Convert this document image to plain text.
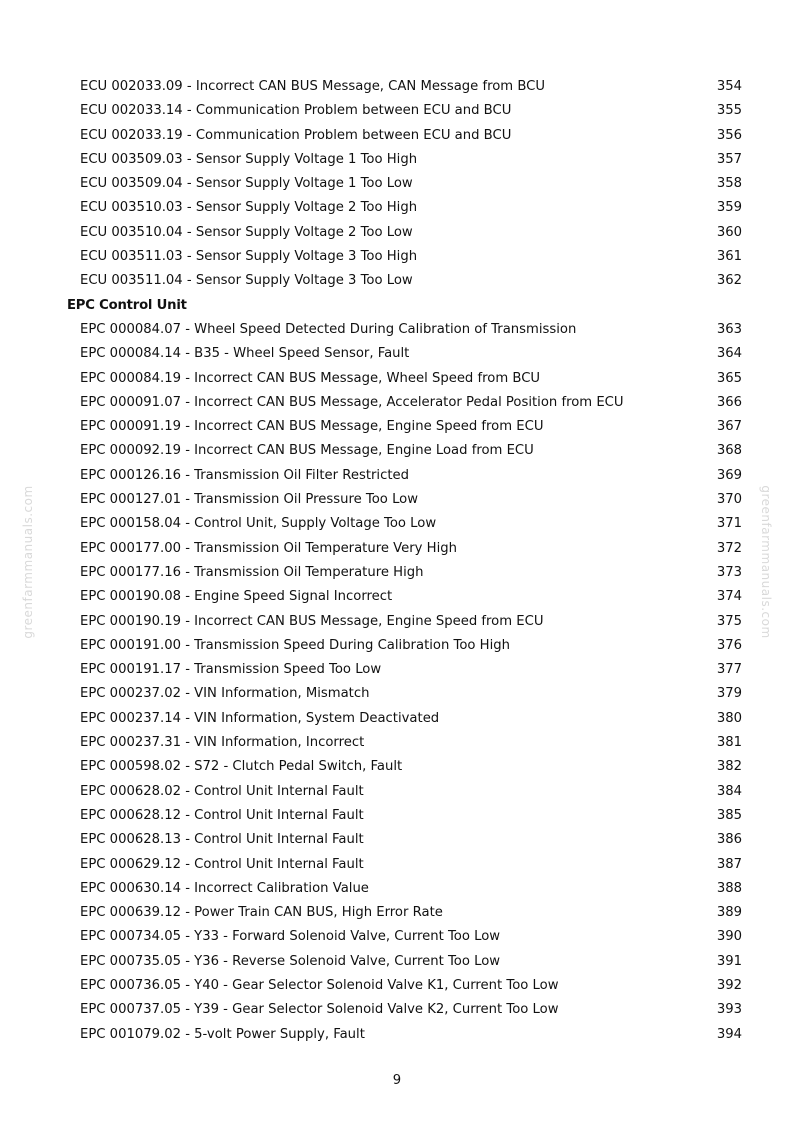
greenfarmmanuals.com	greenfarmmanuals.com
ECU 002033.09 - Incorrect CAN BUS Message, CAN Message from BCU	354
ECU 002033.14 - Communication Problem between ECU and BCU	355
ECU 002033.19 - Communication Problem between ECU and BCU	356
ECU 003509.03 - Sensor Supply Voltage 1 Too High	357
ECU 003509.04 - Sensor Supply Voltage 1 Too Low	358
ECU 003510.03 - Sensor Supply Voltage 2 Too High	359
ECU 003510.04 - Sensor Supply Voltage 2 Too Low	360
ECU 003511.03 - Sensor Supply Voltage 3 Too High	361
ECU 003511.04 - Sensor Supply Voltage 3 Too Low	362
EPC Control Unit
EPC 000084.07 - Wheel Speed Detected During Calibration of Transmission	363
EPC 000084.14 - B35 - Wheel Speed Sensor, Fault	364
EPC 000084.19 - Incorrect CAN BUS Message, Wheel Speed from BCU	365
EPC 000091.07 - Incorrect CAN BUS Message, Accelerator Pedal Position from ECU	366
EPC 000091.19 - Incorrect CAN BUS Message, Engine Speed from ECU	367
EPC 000092.19 - Incorrect CAN BUS Message, Engine Load from ECU	368
EPC 000126.16 - Transmission Oil Filter Restricted	369
EPC 000127.01 - Transmission Oil Pressure Too Low	370
EPC 000158.04 - Control Unit, Supply Voltage Too Low	371
EPC 000177.00 - Transmission Oil Temperature Very High	372
EPC 000177.16 - Transmission Oil Temperature High	373
EPC 000190.08 - Engine Speed Signal Incorrect	374
EPC 000190.19 - Incorrect CAN BUS Message, Engine Speed from ECU	375
EPC 000191.00 - Transmission Speed During Calibration Too High	376
EPC 000191.17 - Transmission Speed Too Low	377
EPC 000237.02 - VIN Information, Mismatch	379
EPC 000237.14 - VIN Information, System Deactivated	380
EPC 000237.31 - VIN Information, Incorrect	381
EPC 000598.02 - S72 - Clutch Pedal Switch, Fault	382
EPC 000628.02 - Control Unit Internal Fault	384
EPC 000628.12 - Control Unit Internal Fault	385
EPC 000628.13 - Control Unit Internal Fault	386
EPC 000629.12 - Control Unit Internal Fault	387
EPC 000630.14 - Incorrect Calibration Value	388
EPC 000639.12 - Power Train CAN BUS, High Error Rate	389
EPC 000734.05 - Y33 - Forward Solenoid Valve, Current Too Low	390
EPC 000735.05 - Y36 - Reverse Solenoid Valve, Current Too Low	391
EPC 000736.05 - Y40 - Gear Selector Solenoid Valve K1, Current Too Low	392
EPC 000737.05 - Y39 - Gear Selector Solenoid Valve K2, Current Too Low	393
EPC 001079.02 - 5-volt Power Supply, Fault	394
9
